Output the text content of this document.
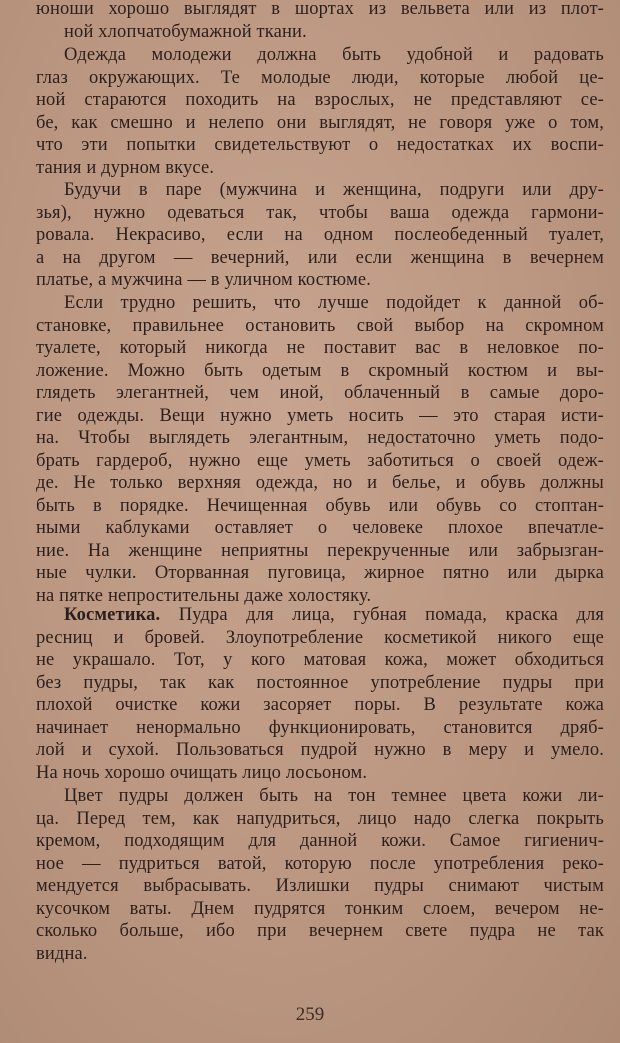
юноши хорошо выглядят в шортах из вельвета или из плот-
ной хлопчатобумажной ткани.
Одежда молодежи должна быть удобной и радовать
глаз окружающих. Те молодые люди, которые любой це-
ной стараются походить на взрослых, не представляют се-
бе, как смешно и нелепо они выглядят, не говоря уже о том,
что эти попытки свидетельствуют о недостатках их воспи-
тания и дурном вкусе.
Будучи в паре (мужчина и женщина, подруги или дру-
зья), нужно одеваться так, чтобы ваша одежда гармони-
ровала. Некрасиво, если на одном послеобеденный туалет,
а на другом — вечерний, или если женщина в вечернем
платье, а мужчина — в уличном костюме.
Если трудно решить, что лучше подойдет к данной об-
становке, правильнее остановить свой выбор на скромном
туалете, который никогда не поставит вас в неловкое по-
ложение. Можно быть одетым в скромный костюм и вы-
глядеть элегантней, чем иной, облаченный в самые доро-
гие одежды. Вещи нужно уметь носить — это старая исти-
на. Чтобы выглядеть элегантным, недостаточно уметь подо-
брать гардероб, нужно еще уметь заботиться о своей одеж-
де. Не только верхняя одежда, но и белье, и обувь должны
быть в порядке. Нечищенная обувь или обувь со стоптан-
ными каблуками оставляет о человеке плохое впечатле-
ние. На женщине неприятны перекрученные или забрызган-
ные чулки. Оторванная пуговица, жирное пятно или дырка
на пятке непростительны даже холостяку.
Косметика. Пудра для лица, губная помада, краска для
ресниц и бровей. Злоупотребление косметикой никого еще
не украшало. Тот, у кого матовая кожа, может обходиться
без пудры, так как постоянное употребление пудры при
плохой очистке кожи засоряет поры. В результате кожа
начинает ненормально функционировать, становится дряб-
лой и сухой. Пользоваться пудрой нужно в меру и умело.
На ночь хорошо очищать лицо лосьоном.
Цвет пудры должен быть на тон темнее цвета кожи ли-
ца. Перед тем, как напудриться, лицо надо слегка покрыть
кремом, подходящим для данной кожи. Самое гигиенич-
ное — пудриться ватой, которую после употребления реко-
мендуется выбрасывать. Излишки пудры снимают чистым
кусочком ваты. Днем пудрятся тонким слоем, вечером не-
сколько больше, ибо при вечернем свете пудра не так
видна.
259
